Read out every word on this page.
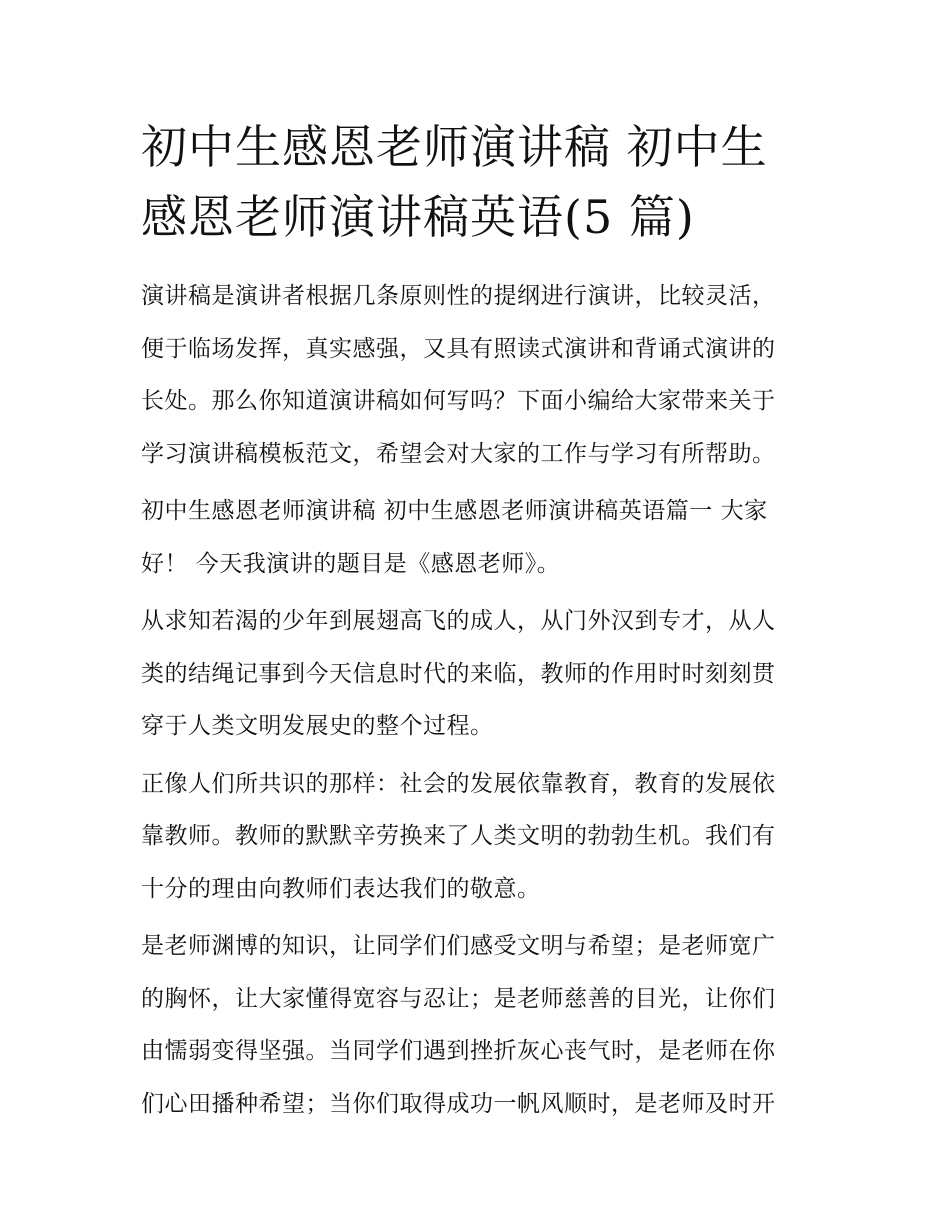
初中生感恩老师演讲稿 初中生
感恩老师演讲稿英语(5 篇)

演讲稿是演讲者根据几条原则性的提纲进行演讲，比较灵活，
便于临场发挥，真实感强，又具有照读式演讲和背诵式演讲的
长处。那么你知道演讲稿如何写吗？下面小编给大家带来关于
学习演讲稿模板范文，希望会对大家的工作与学习有所帮助。

初中生感恩老师演讲稿 初中生感恩老师演讲稿英语篇一 大家
好！ 今天我演讲的题目是《感恩老师》。

从求知若渴的少年到展翅高飞的成人，从门外汉到专才，从人
类的结绳记事到今天信息时代的来临，教师的作用时时刻刻贯
穿于人类文明发展史的整个过程。

正像人们所共识的那样：社会的发展依靠教育，教育的发展依
靠教师。教师的默默辛劳换来了人类文明的勃勃生机。我们有
十分的理由向教师们表达我们的敬意。

是老师渊博的知识，让同学们们感受文明与希望；是老师宽广
的胸怀，让大家懂得宽容与忍让；是老师慈善的目光，让你们
由懦弱变得坚强。当同学们遇到挫折灰心丧气时，是老师在你
们心田播种希望；当你们取得成功一帆风顺时，是老师及时开
